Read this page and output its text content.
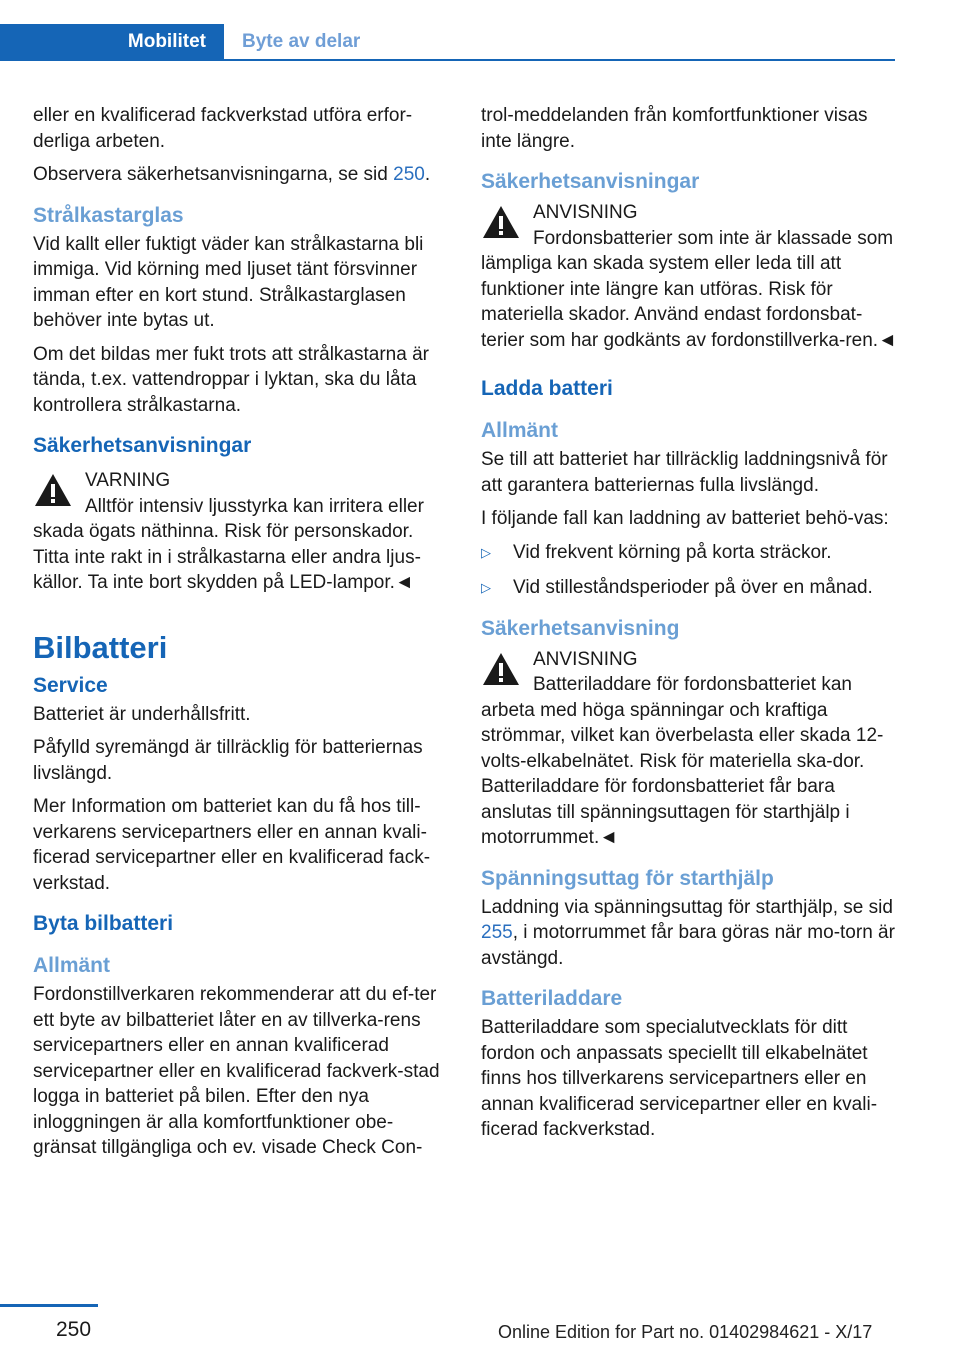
Mobilitet	Byte av delar

eller en kvalificerad fackverkstad utföra erfor-derliga arbeten.

Observera säkerhetsanvisningarna, se sid 250.

Strålkastarglas

Vid kallt eller fuktigt väder kan strålkastarna bli immiga. Vid körning med ljuset tänt försvinner imman efter en kort stund. Strålkastarglasen behöver inte bytas ut.

Om det bildas mer fukt trots att strålkastarna är tända, t.ex. vattendroppar i lyktan, ska du låta kontrollera strålkastarna.

Säkerhetsanvisningar
VARNING
Alltför intensiv ljusstyrka kan irritera eller skada ögats näthinna. Risk för personskador. Titta inte rakt in i strålkastarna eller andra ljus-källor. Ta inte bort skydden på LED-lampor.◄
Bilbatteri
Service

Batteriet är underhållsfritt.

Påfylld syremängd är tillräcklig för batteriernas livslängd.

Mer Information om batteriet kan du få hos till-verkarens servicepartners eller en annan kvali-ficerad servicepartner eller en kvalificerad fack-verkstad.

Byta bilbatteri
Allmänt

Fordonstillverkaren rekommenderar att du ef-ter ett byte av bilbatteriet låter en av tillverka-rens servicepartners eller en annan kvalificerad servicepartner eller en kvalificerad fackverk-stad logga in batteriet på bilen. Efter den nya inloggningen är alla komfortfunktioner obe-gränsat tillgängliga och ev. visade Check Con-

trol-meddelanden från komfortfunktioner visas inte längre.

Säkerhetsanvisningar
ANVISNING
Fordonsbatterier som inte är klassade som lämpliga kan skada system eller leda till att funktioner inte längre kan utföras. Risk för materiella skador. Använd endast fordonsbat-terier som har godkänts av fordonstillverka-ren.◄
Ladda batteri
Allmänt

Se till att batteriet har tillräcklig laddningsnivå för att garantera batteriernas fulla livslängd.

I följande fall kan laddning av batteriet behö-vas:

▷	Vid frekvent körning på korta sträckor.
▷	Vid stilleståndsperioder på över en månad.
Säkerhetsanvisning
ANVISNING
Batteriladdare för fordonsbatteriet kan arbeta med höga spänningar och kraftiga strömmar, vilket kan överbelasta eller skada 12-volts-elkabelnätet. Risk för materiella ska-dor. Batteriladdare för fordonsbatteriet får bara anslutas till spänningsuttagen för starthjälp i motorrummet.◄
Spänningsuttag för starthjälp

Laddning via spänningsuttag för starthjälp, se sid 255, i motorrummet får bara göras när mo-torn är avstängd.

Batteriladdare

Batteriladdare som specialutvecklats för ditt fordon och anpassats speciellt till elkabelnätet finns hos tillverkarens servicepartners eller en annan kvalificerad servicepartner eller en kvali-ficerad fackverkstad.

250	Online Edition for Part no. 01402984621 - X/17
